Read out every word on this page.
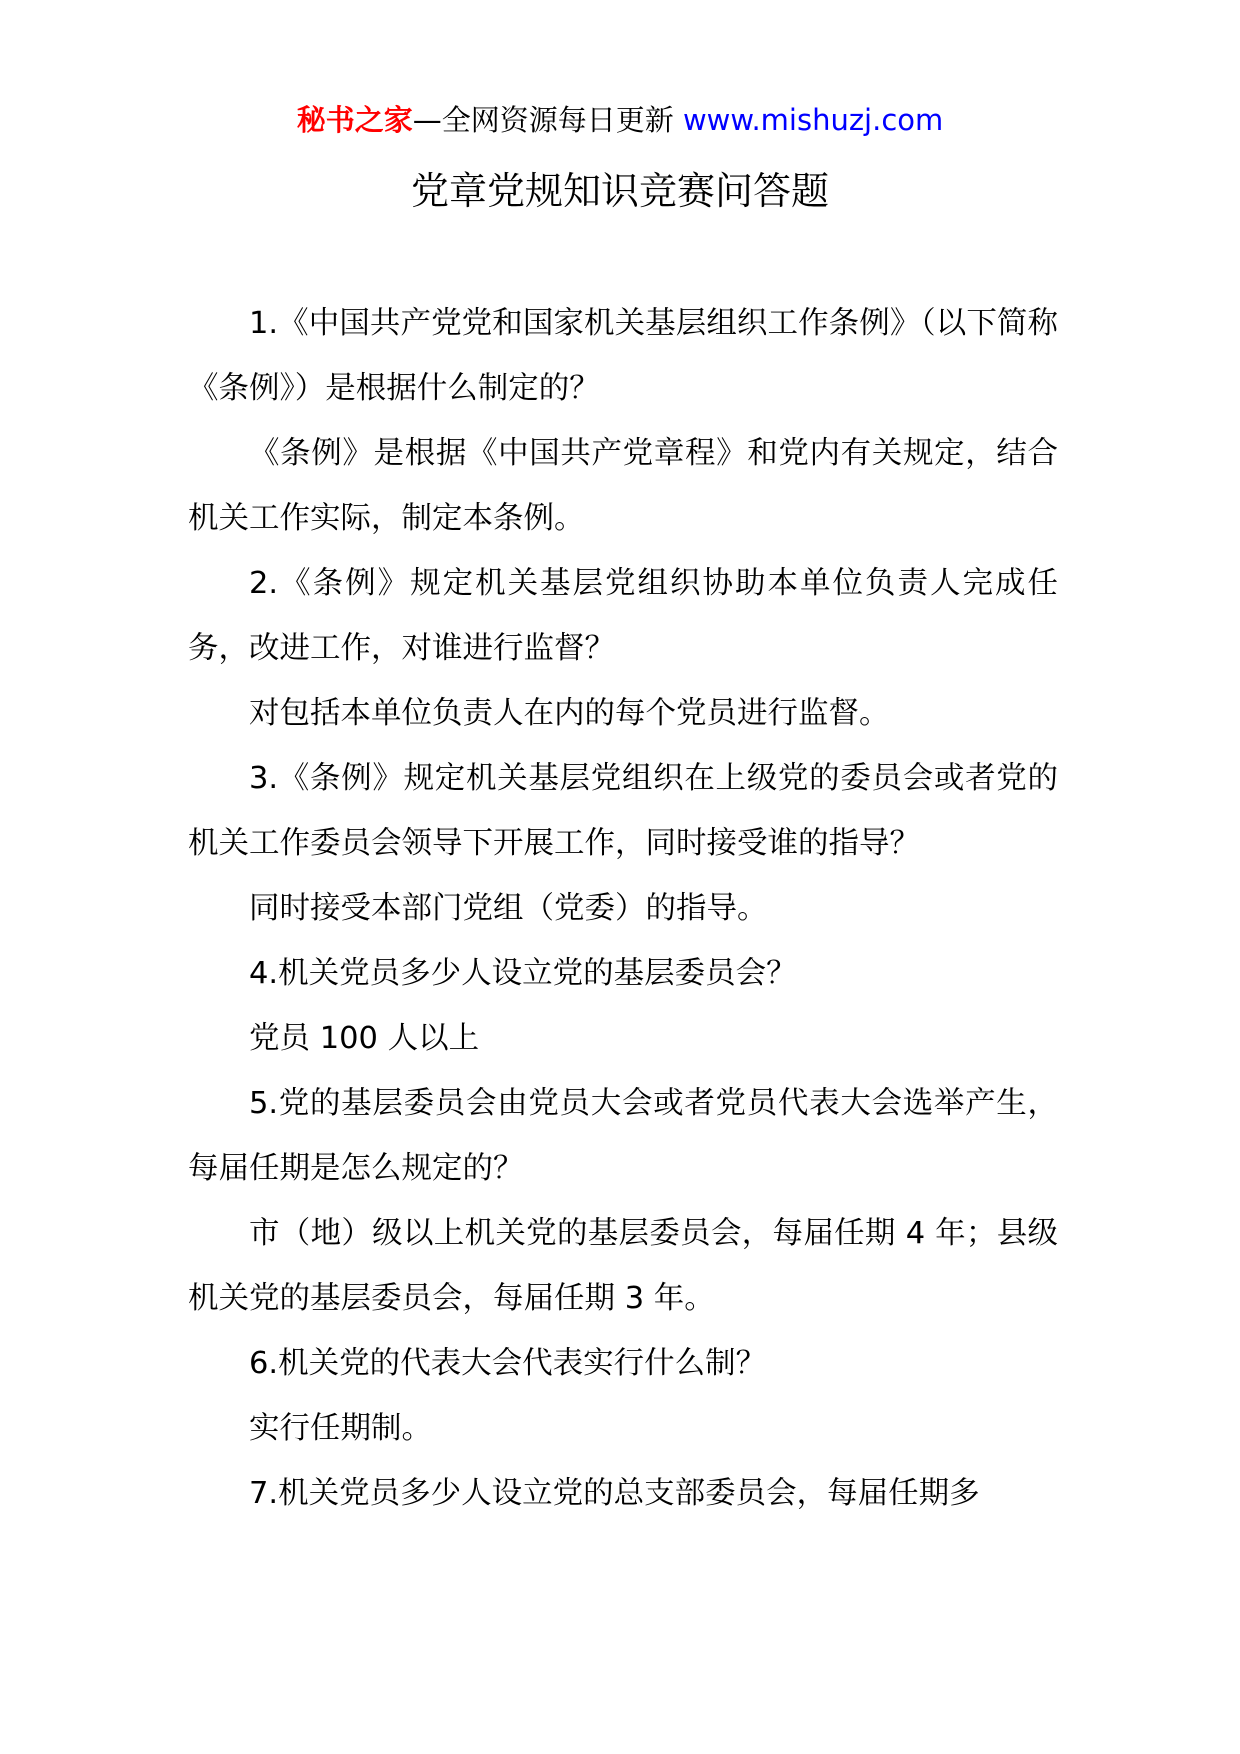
秘书之家—全网资源每日更新 www.mishuzj.com
党章党规知识竞赛问答题

1.《中国共产党党和国家机关基层组织工作条例》（以下简称《条例》）是根据什么制定的？

《条例》是根据《中国共产党章程》和党内有关规定，结合机关工作实际，制定本条例。

2.《条例》规定机关基层党组织协助本单位负责人完成任务，改进工作，对谁进行监督？

对包括本单位负责人在内的每个党员进行监督。

3.《条例》规定机关基层党组织在上级党的委员会或者党的机关工作委员会领导下开展工作，同时接受谁的指导？

同时接受本部门党组（党委）的指导。

4.机关党员多少人设立党的基层委员会？

党员 100 人以上

5.党的基层委员会由党员大会或者党员代表大会选举产生，每届任期是怎么规定的？

市（地）级以上机关党的基层委员会，每届任期 4 年；县级机关党的基层委员会，每届任期 3 年。

6.机关党的代表大会代表实行什么制？

实行任期制。

7.机关党员多少人设立党的总支部委员会，每届任期多
